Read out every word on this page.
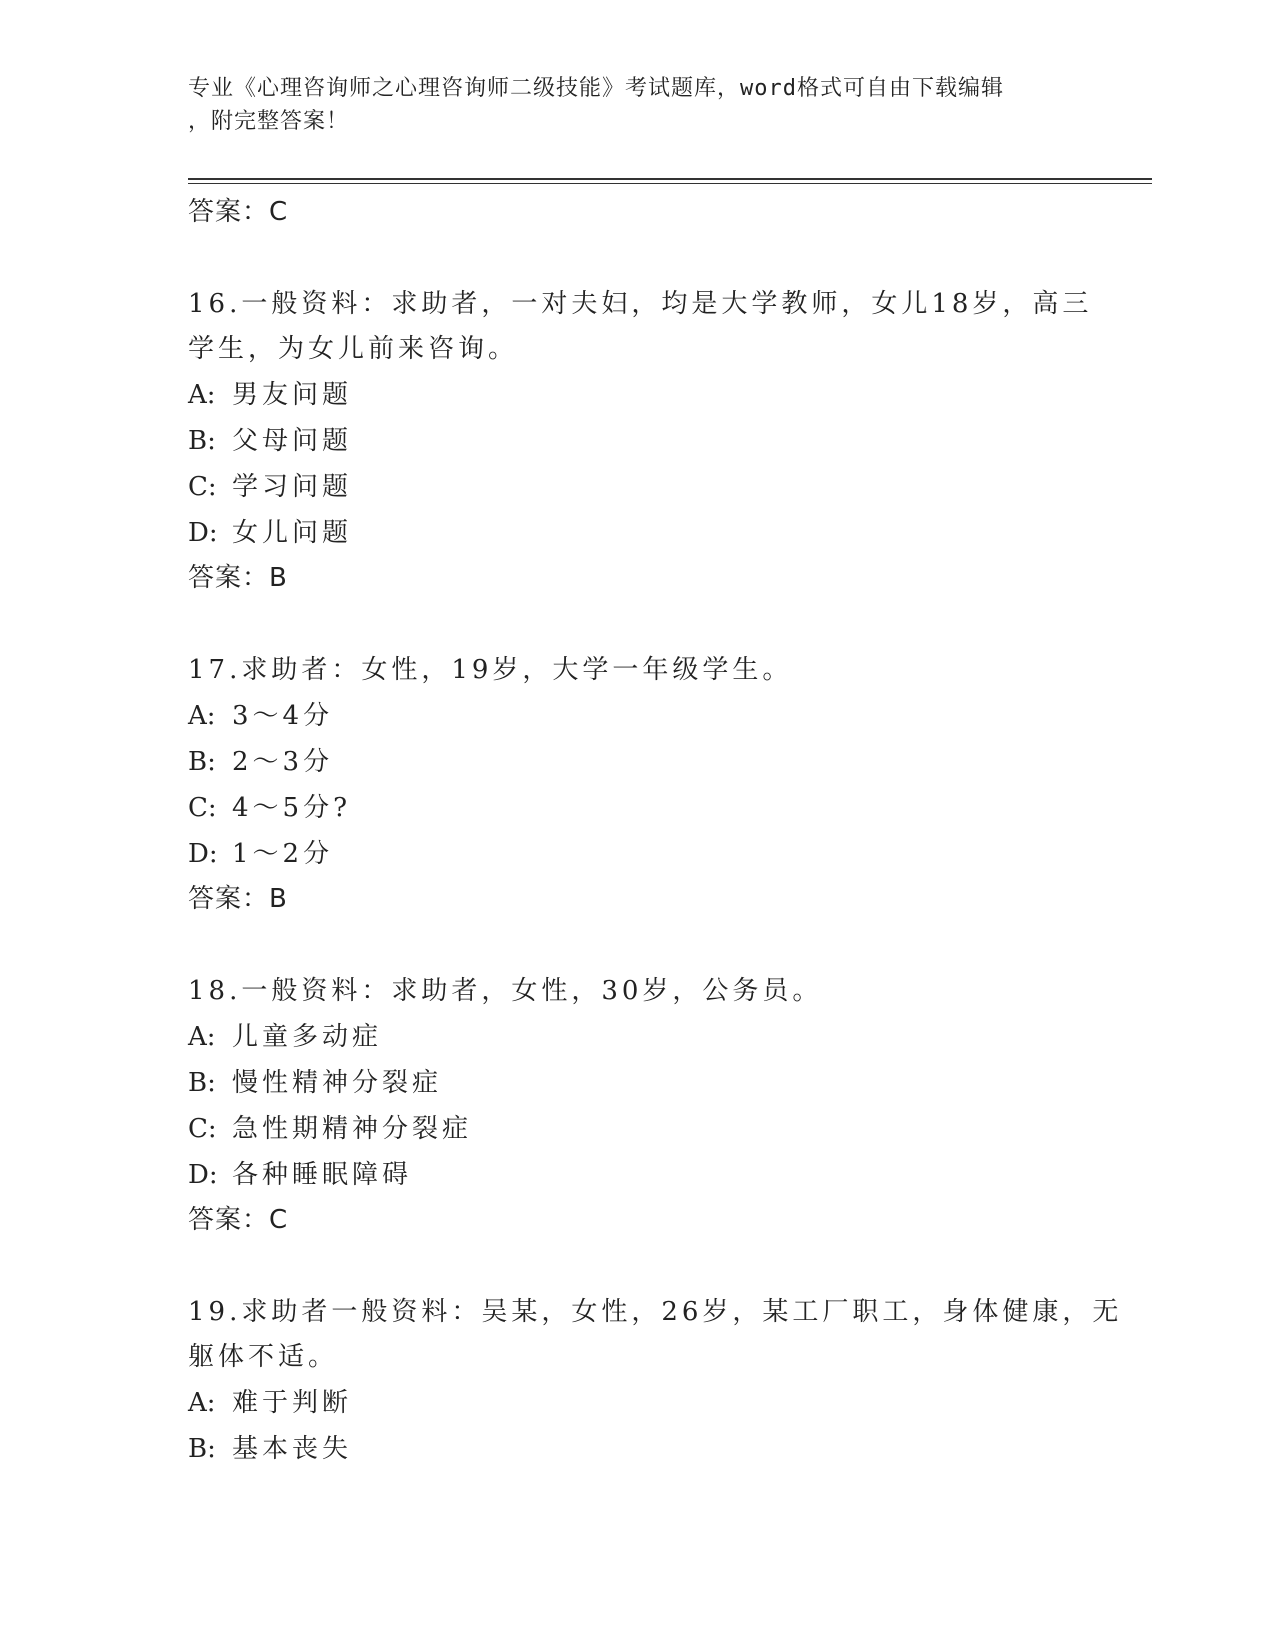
专业《心理咨询师之心理咨询师二级技能》考试题库，word格式可自由下载编辑
，附完整答案！
答案：C
16.一般资料：求助者，一对夫妇，均是大学教师，女儿18岁，高三
学生，为女儿前来咨询。
A: 男友问题
B: 父母问题
C: 学习问题
D: 女儿问题
答案：B
17.求助者：女性，19岁，大学一年级学生。
A: 3～4分
B: 2～3分
C: 4～5分?
D: 1～2分
答案：B
18.一般资料：求助者，女性，30岁，公务员。
A: 儿童多动症
B: 慢性精神分裂症
C: 急性期精神分裂症
D: 各种睡眠障碍
答案：C
19.求助者一般资料：吴某，女性，26岁，某工厂职工，身体健康，无
躯体不适。
A: 难于判断
B: 基本丧失
